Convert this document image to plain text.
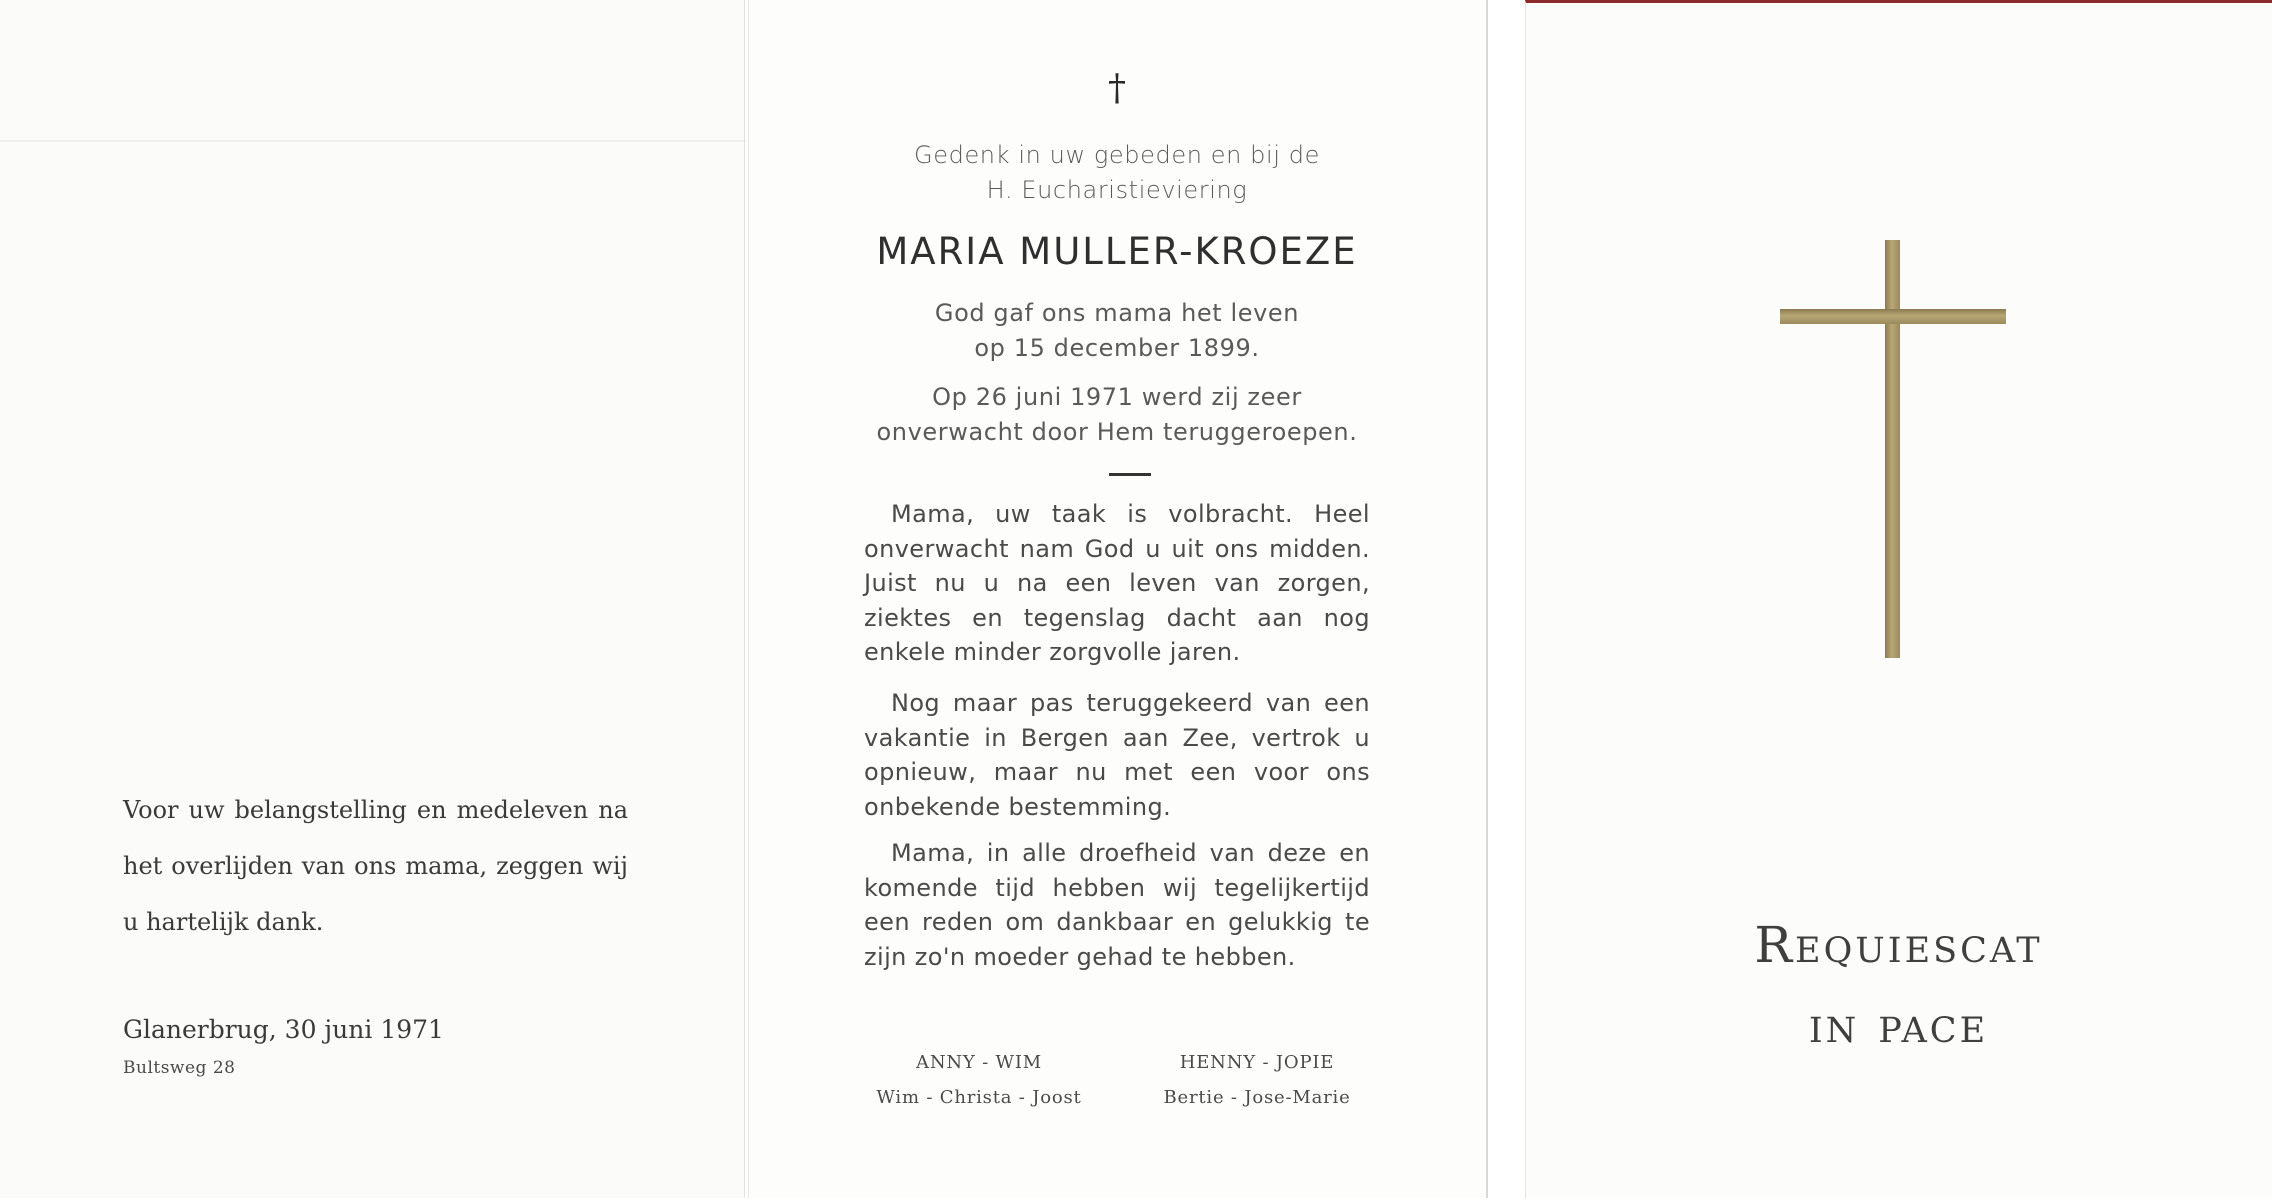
Voor uw belangstelling en medeleven na het overlijden van ons mama, zeggen wij u hartelijk dank.
Glanerbrug, 30 juni 1971
Bultsweg 28
†
Gedenk in uw gebeden en bij de
H. Eucharistieviering
MARIA MULLER-KROEZE
God gaf ons mama het leven
op 15 december 1899.
Op 26 juni 1971 werd zij zeer onverwacht door Hem teruggeroepen.
Mama, uw taak is volbracht. Heel onverwacht nam God u uit ons midden. Juist nu u na een leven van zorgen, ziektes en tegenslag dacht aan nog enkele minder zorgvolle jaren.
Nog maar pas teruggekeerd van een vakantie in Bergen aan Zee, vertrok u opnieuw, maar nu met een voor ons onbekende bestemming.
Mama, in alle droefheid van deze en komende tijd hebben wij tegelijkertijd een reden om dankbaar en gelukkig te zijn zo'n moeder gehad te hebben.
ANNY - WIM
Wim - Christa - Joost
HENNY - JOPIE
Bertie - Jose-Marie
Requiescat
in pace
